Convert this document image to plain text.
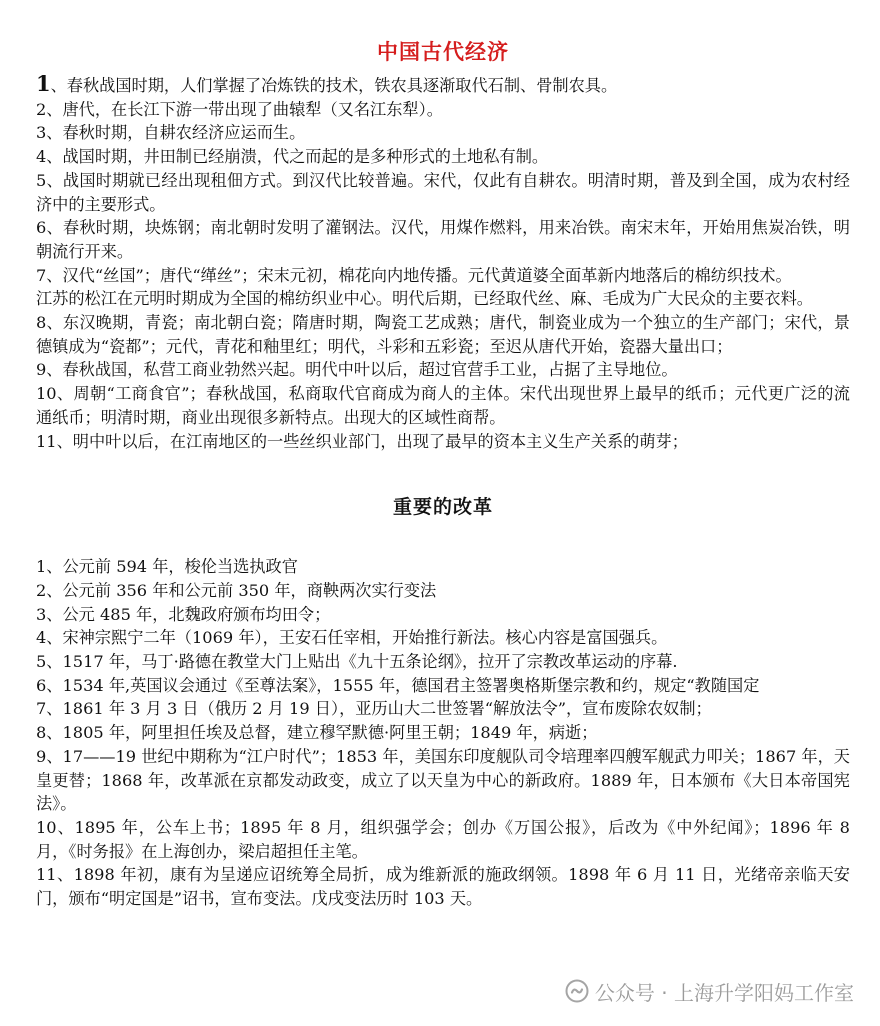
中国古代经济

1、春秋战国时期，人们掌握了冶炼铁的技术，铁农具逐渐取代石制、骨制农具。

2、唐代，在长江下游一带出现了曲辕犁（又名江东犁）。

3、春秋时期，自耕农经济应运而生。

4、战国时期，井田制已经崩溃，代之而起的是多种形式的土地私有制。

5、战国时期就已经出现租佃方式。到汉代比较普遍。宋代，仅此有自耕农。明清时期，普及到全国，成为农村经济中的主要形式。

6、春秋时期，块炼钢；南北朝时发明了灌钢法。汉代，用煤作燃料，用来冶铁。南宋末年，开始用焦炭冶铁，明朝流行开来。

7、汉代“丝国”；唐代“缂丝”；宋末元初，棉花向内地传播。元代黄道婆全面革新内地落后的棉纺织技术。

江苏的松江在元明时期成为全国的棉纺织业中心。明代后期，已经取代丝、麻、毛成为广大民众的主要衣料。

8、东汉晚期，青瓷；南北朝白瓷；隋唐时期，陶瓷工艺成熟；唐代，制瓷业成为一个独立的生产部门；宋代，景德镇成为“瓷都”；元代，青花和釉里红；明代，斗彩和五彩瓷；至迟从唐代开始，瓷器大量出口；

9、春秋战国，私营工商业勃然兴起。明代中叶以后，超过官营手工业，占据了主导地位。

10、周朝“工商食官”；春秋战国，私商取代官商成为商人的主体。宋代出现世界上最早的纸币；元代更广泛的流通纸币；明清时期，商业出现很多新特点。出现大的区域性商帮。

11、明中叶以后，在江南地区的一些丝织业部门，出现了最早的资本主义生产关系的萌芽；

重要的改革

1、公元前 594 年，梭伦当选执政官

2、公元前 356 年和公元前 350 年，商鞅两次实行变法

3、公元 485 年，北魏政府颁布均田令；

4、宋神宗熙宁二年（1069 年），王安石任宰相，开始推行新法。核心内容是富国强兵。

5、1517 年，马丁·路德在教堂大门上贴出《九十五条论纲》，拉开了宗教改革运动的序幕.

6、1534 年,英国议会通过《至尊法案》，1555 年，德国君主签署奥格斯堡宗教和约，规定“教随国定

7、1861 年 3 月 3 日（俄历 2 月 19 日），亚历山大二世签署“解放法令”，宣布废除农奴制；

8、1805 年，阿里担任埃及总督，建立穆罕默德·阿里王朝；1849 年，病逝；

9、17——19 世纪中期称为“江户时代”；1853 年，美国东印度舰队司令培理率四艘军舰武力叩关；1867 年，天皇更替；1868 年，改革派在京都发动政变，成立了以天皇为中心的新政府。1889 年，日本颁布《大日本帝国宪法》。

10、1895 年，公车上书；1895 年 8 月，组织强学会；创办《万国公报》，后改为《中外纪闻》；1896 年 8 月，《时务报》在上海创办，梁启超担任主笔。

11、1898 年初，康有为呈递应诏统筹全局折，成为维新派的施政纲领。1898 年 6 月 11 日，光绪帝亲临天安门，颁布“明定国是”诏书，宣布变法。戊戌变法历时 103 天。

公众号 · 上海升学阳妈工作室
